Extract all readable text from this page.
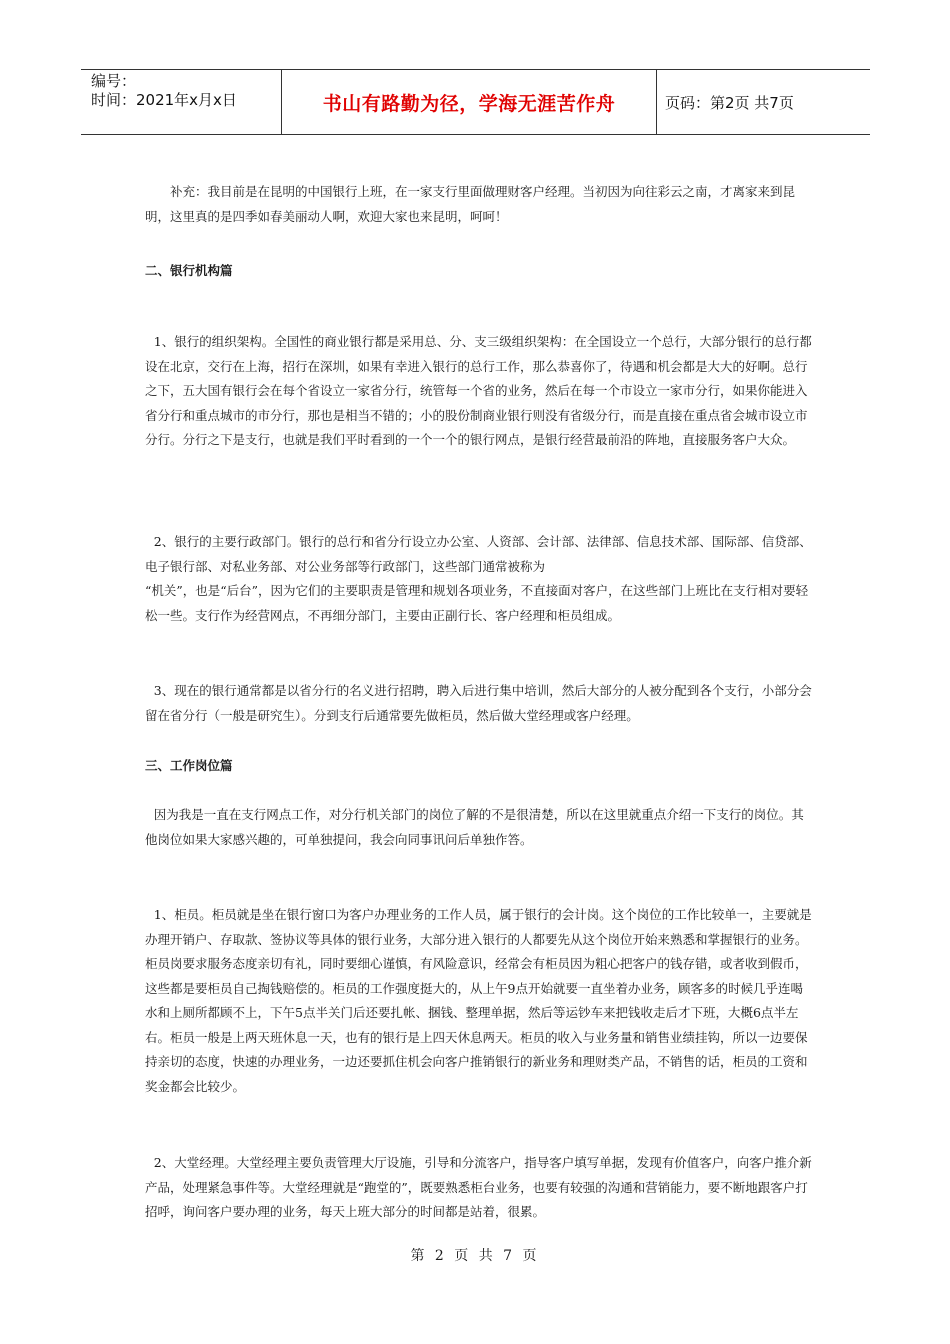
编号：
时间：2021年x月x日	书山有路勤为径，学海无涯苦作舟	页码：第2页 共7页

补充：我目前是在昆明的中国银行上班，在一家支行里面做理财客户经理。当初因为向往彩云之南，才离家来到昆明，这里真的是四季如春美丽动人啊，欢迎大家也来昆明，呵呵！

二、银行机构篇

1、银行的组织架构。全国性的商业银行都是采用总、分、支三级组织架构：在全国设立一个总行，大部分银行的总行都设在北京，交行在上海，招行在深圳，如果有幸进入银行的总行工作，那么恭喜你了，待遇和机会都是大大的好啊。总行之下，五大国有银行会在每个省设立一家省分行，统管每一个省的业务，然后在每一个市设立一家市分行，如果你能进入省分行和重点城市的市分行，那也是相当不错的；小的股份制商业银行则没有省级分行，而是直接在重点省会城市设立市分行。分行之下是支行，也就是我们平时看到的一个一个的银行网点，是银行经营最前沿的阵地，直接服务客户大众。

2、银行的主要行政部门。银行的总行和省分行设立办公室、人资部、会计部、法律部、信息技术部、国际部、信贷部、电子银行部、对私业务部、对公业务部等行政部门，这些部门通常被称为

“机关”，也是“后台”，因为它们的主要职责是管理和规划各项业务，不直接面对客户，在这些部门上班比在支行相对要轻松一些。支行作为经营网点，不再细分部门，主要由正副行长、客户经理和柜员组成。

3、现在的银行通常都是以省分行的名义进行招聘，聘入后进行集中培训，然后大部分的人被分配到各个支行，小部分会留在省分行（一般是研究生）。分到支行后通常要先做柜员，然后做大堂经理或客户经理。

三、工作岗位篇

因为我是一直在支行网点工作，对分行机关部门的岗位了解的不是很清楚，所以在这里就重点介绍一下支行的岗位。其他岗位如果大家感兴趣的，可单独提问，我会向同事讯问后单独作答。

1、柜员。柜员就是坐在银行窗口为客户办理业务的工作人员，属于银行的会计岗。这个岗位的工作比较单一，主要就是办理开销户、存取款、签协议等具体的银行业务，大部分进入银行的人都要先从这个岗位开始来熟悉和掌握银行的业务。柜员岗要求服务态度亲切有礼，同时要细心谨慎，有风险意识，经常会有柜员因为粗心把客户的钱存错，或者收到假币，这些都是要柜员自己掏钱赔偿的。柜员的工作强度挺大的，从上午9点开始就要一直坐着办业务，顾客多的时候几乎连喝水和上厕所都顾不上，下午5点半关门后还要扎帐、捆钱、整理单据，然后等运钞车来把钱收走后才下班，大概6点半左右。柜员一般是上两天班休息一天，也有的银行是上四天休息两天。柜员的收入与业务量和销售业绩挂钩，所以一边要保持亲切的态度，快速的办理业务，一边还要抓住机会向客户推销银行的新业务和理财类产品，不销售的话，柜员的工资和奖金都会比较少。

2、大堂经理。大堂经理主要负责管理大厅设施，引导和分流客户，指导客户填写单据，发现有价值客户，向客户推介新产品，处理紧急事件等。大堂经理就是“跑堂的”，既要熟悉柜台业务，也要有较强的沟通和营销能力，要不断地跟客户打招呼，询问客户要办理的业务，每天上班大部分的时间都是站着，很累。

第 2 页 共 7 页
